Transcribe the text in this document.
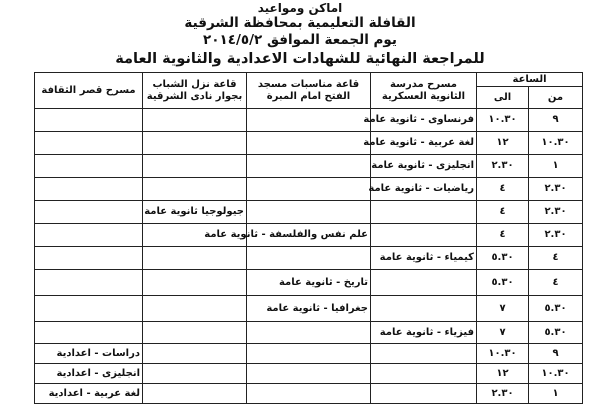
اماكن ومواعيد
القافلة التعليمية بمحافظة الشرقية
يوم الجمعة الموافق ٢٠١٤/٥/٢
للمراجعة النهائية للشهادات الاعدادية والثانوية العامة
الساعة		مسرح مدرسة الثانوية العسكرية	قاعة مناسبات مسجد الفتح امام المبرة	قاعة نزل الشباب بجوار نادى الشرقية	مسرح قصر الثقافة
من	الى				
٩	١٠.٣٠	فرنساوى - ثانوية عامة			
١٠.٣٠	١٢	لغة عربية - ثانوية عامة			
١	٢.٣٠	انجليزى - ثانوية عامة			
٢.٣٠	٤	رياضيات - ثانوية عامة			
٢.٣٠	٤			جيولوجيا ثانوية عامة	
٢.٣٠	٤		علم نفس والفلسفة - ثانوية عامة		
٤	٥.٣٠	كيمياء - ثانوية عامة			
٤	٥.٣٠		تاريخ - ثانوية عامة		
٥.٣٠	٧		جغرافيا - ثانوية عامة		
٥.٣٠	٧	فيزياء - ثانوية عامة			
٩	١٠.٣٠				دراسات - اعدادية
١٠.٣٠	١٢				انجليزى - اعدادية
١	٢.٣٠				لغة عربية - اعدادية
